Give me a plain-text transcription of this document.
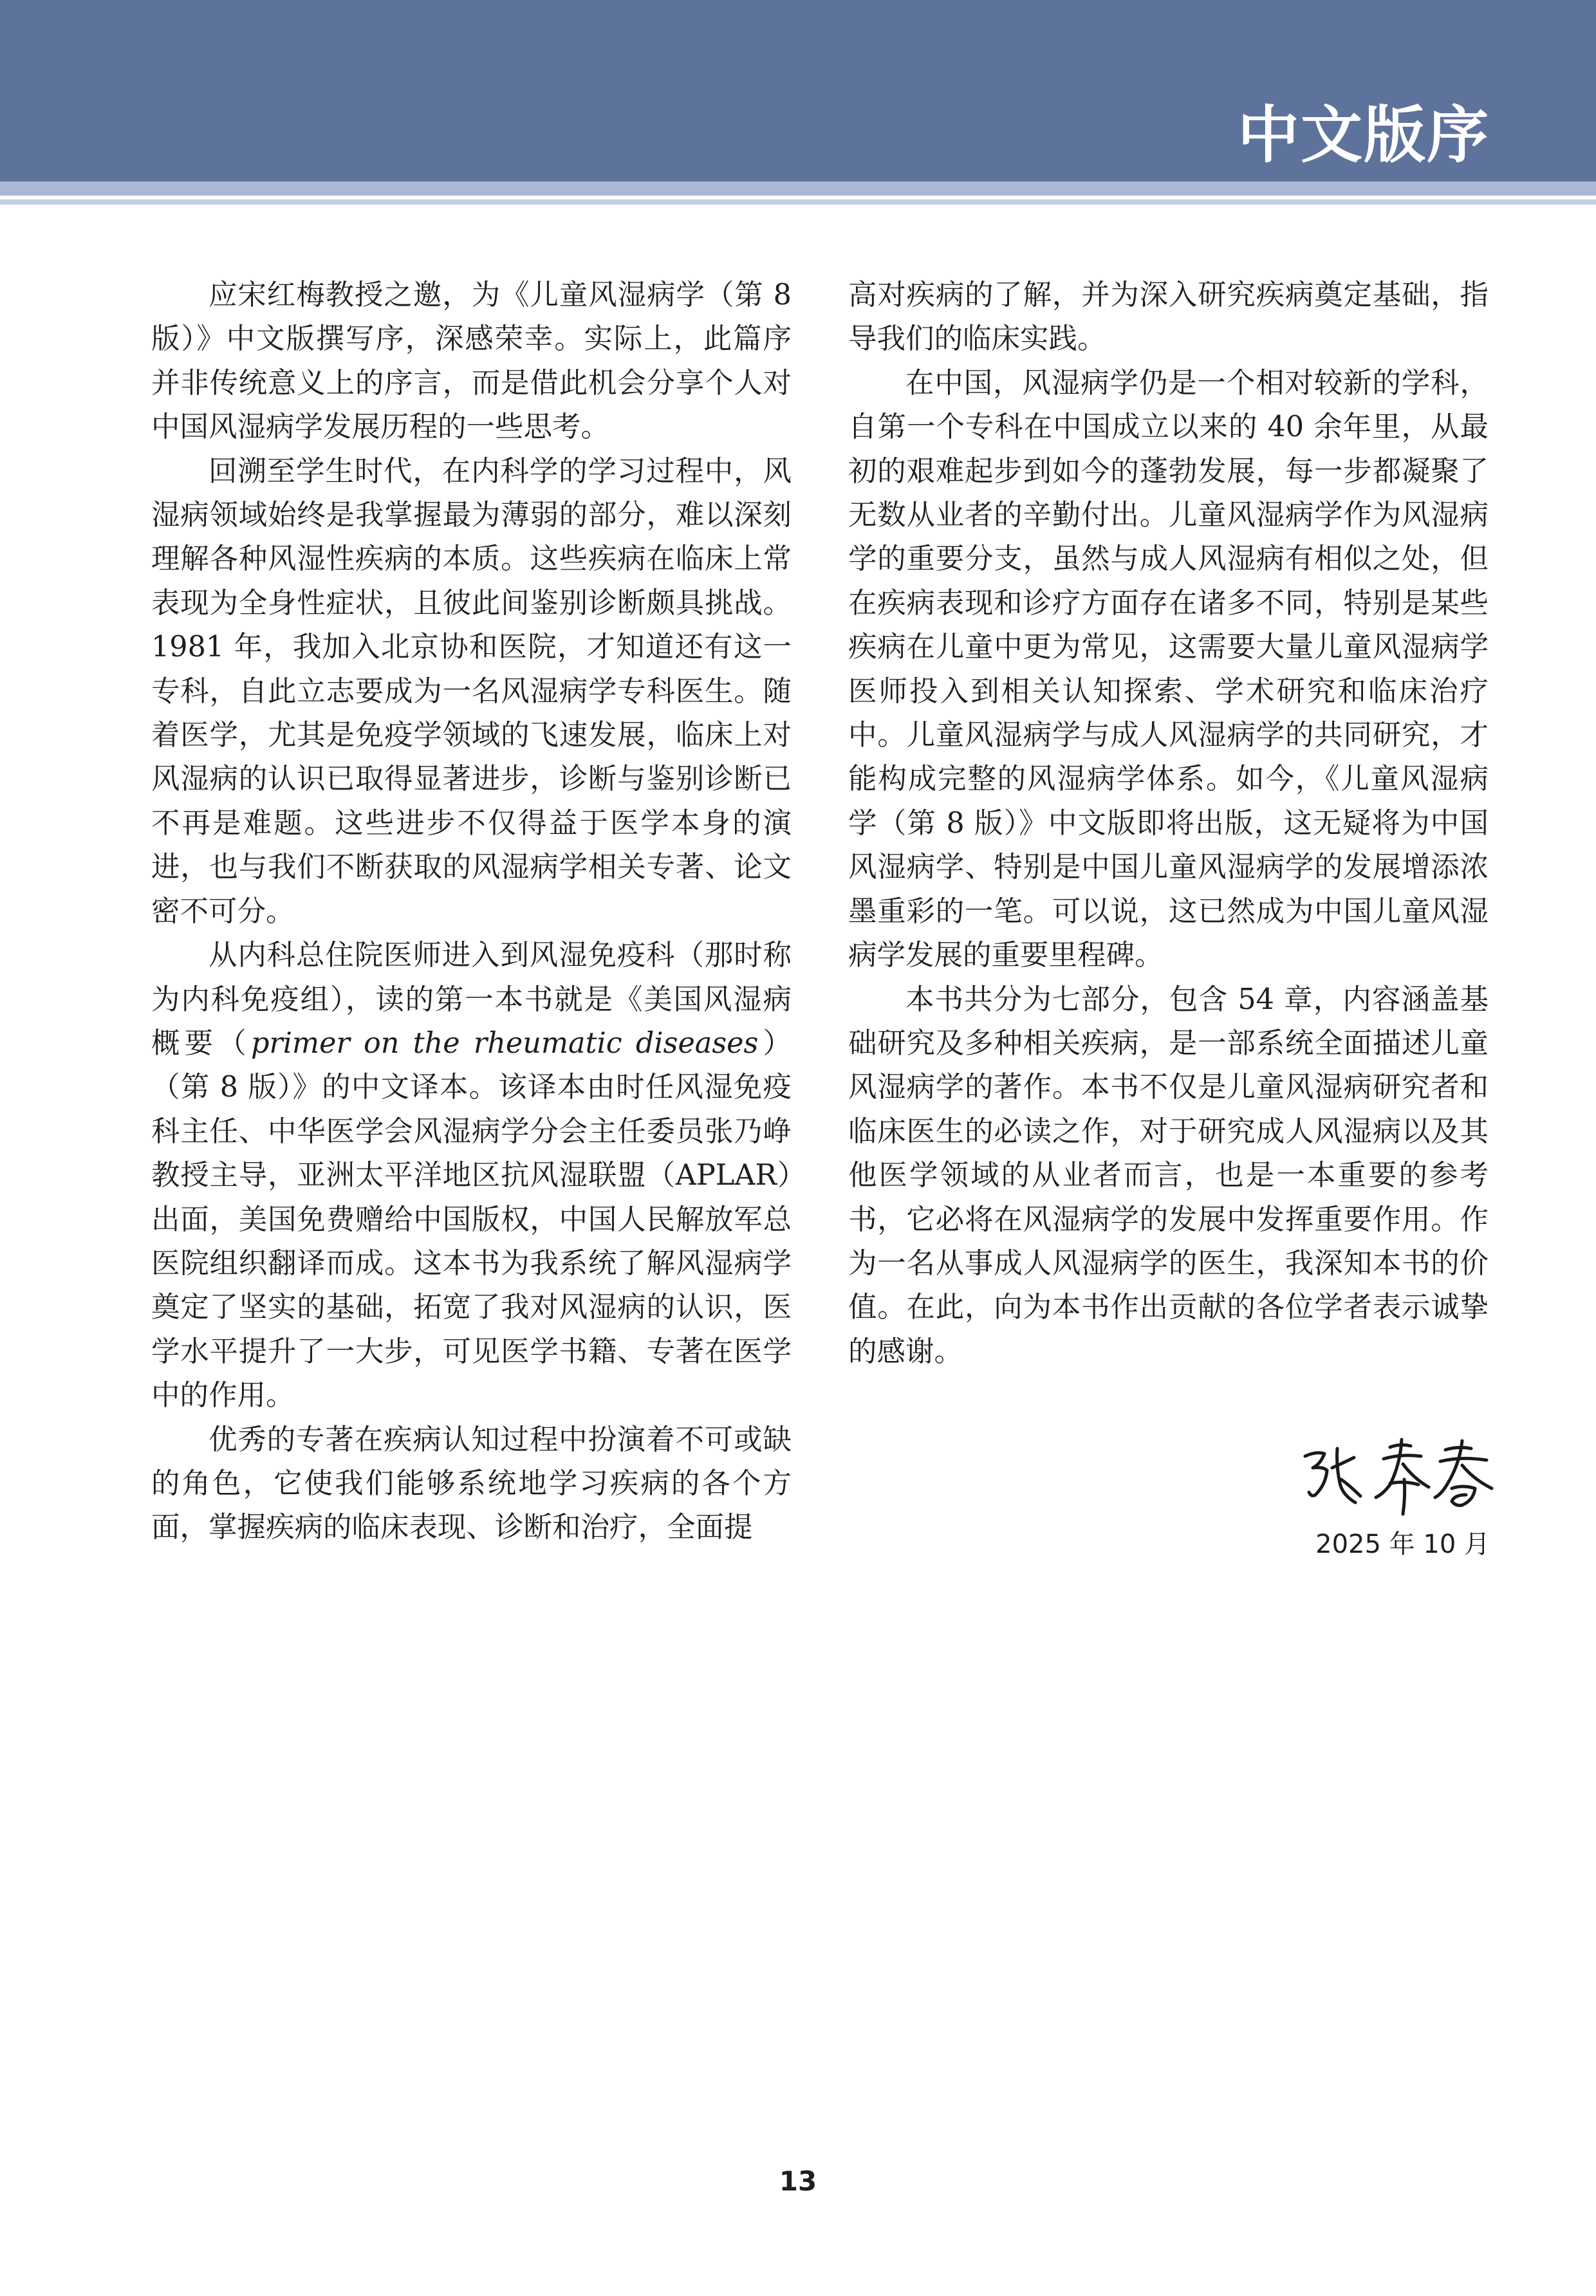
中文版序

应宋红梅教授之邀，为《儿童风湿病学（第 8 版）》中文版撰写序，深感荣幸。实际上，此篇序并非传统意义上的序言，而是借此机会分享个人对中国风湿病学发展历程的一些思考。

回溯至学生时代，在内科学的学习过程中，风湿病领域始终是我掌握最为薄弱的部分，难以深刻理解各种风湿性疾病的本质。这些疾病在临床上常表现为全身性症状，且彼此间鉴别诊断颇具挑战。1981 年，我加入北京协和医院，才知道还有这一专科，自此立志要成为一名风湿病学专科医生。随着医学，尤其是免疫学领域的飞速发展，临床上对风湿病的认识已取得显著进步，诊断与鉴别诊断已不再是难题。这些进步不仅得益于医学本身的演进，也与我们不断获取的风湿病学相关专著、论文密不可分。

从内科总住院医师进入到风湿免疫科（那时称为内科免疫组），读的第一本书就是《美国风湿病概要（primer on the rheumatic diseases）（第 8 版）》的中文译本。该译本由时任风湿免疫科主任、中华医学会风湿病学分会主任委员张乃峥教授主导，亚洲太平洋地区抗风湿联盟（APLAR）出面，美国免费赠给中国版权，中国人民解放军总医院组织翻译而成。这本书为我系统了解风湿病学奠定了坚实的基础，拓宽了我对风湿病的认识，医学水平提升了一大步，可见医学书籍、专著在医学中的作用。

优秀的专著在疾病认知过程中扮演着不可或缺的角色，它使我们能够系统地学习疾病的各个方面，掌握疾病的临床表现、诊断和治疗，全面提

高对疾病的了解，并为深入研究疾病奠定基础，指导我们的临床实践。

在中国，风湿病学仍是一个相对较新的学科，自第一个专科在中国成立以来的 40 余年里，从最初的艰难起步到如今的蓬勃发展，每一步都凝聚了无数从业者的辛勤付出。儿童风湿病学作为风湿病学的重要分支，虽然与成人风湿病有相似之处，但在疾病表现和诊疗方面存在诸多不同，特别是某些疾病在儿童中更为常见，这需要大量儿童风湿病学医师投入到相关认知探索、学术研究和临床治疗中。儿童风湿病学与成人风湿病学的共同研究，才能构成完整的风湿病学体系。如今，《儿童风湿病学（第 8 版）》中文版即将出版，这无疑将为中国风湿病学、特别是中国儿童风湿病学的发展增添浓墨重彩的一笔。可以说，这已然成为中国儿童风湿病学发展的重要里程碑。

本书共分为七部分，包含 54 章，内容涵盖基础研究及多种相关疾病，是一部系统全面描述儿童风湿病学的著作。本书不仅是儿童风湿病研究者和临床医生的必读之作，对于研究成人风湿病以及其他医学领域的从业者而言，也是一本重要的参考书，它必将在风湿病学的发展中发挥重要作用。作为一名从事成人风湿病学的医生，我深知本书的价值。在此，向为本书作出贡献的各位学者表示诚挚的感谢。

2025 年 10 月
13
